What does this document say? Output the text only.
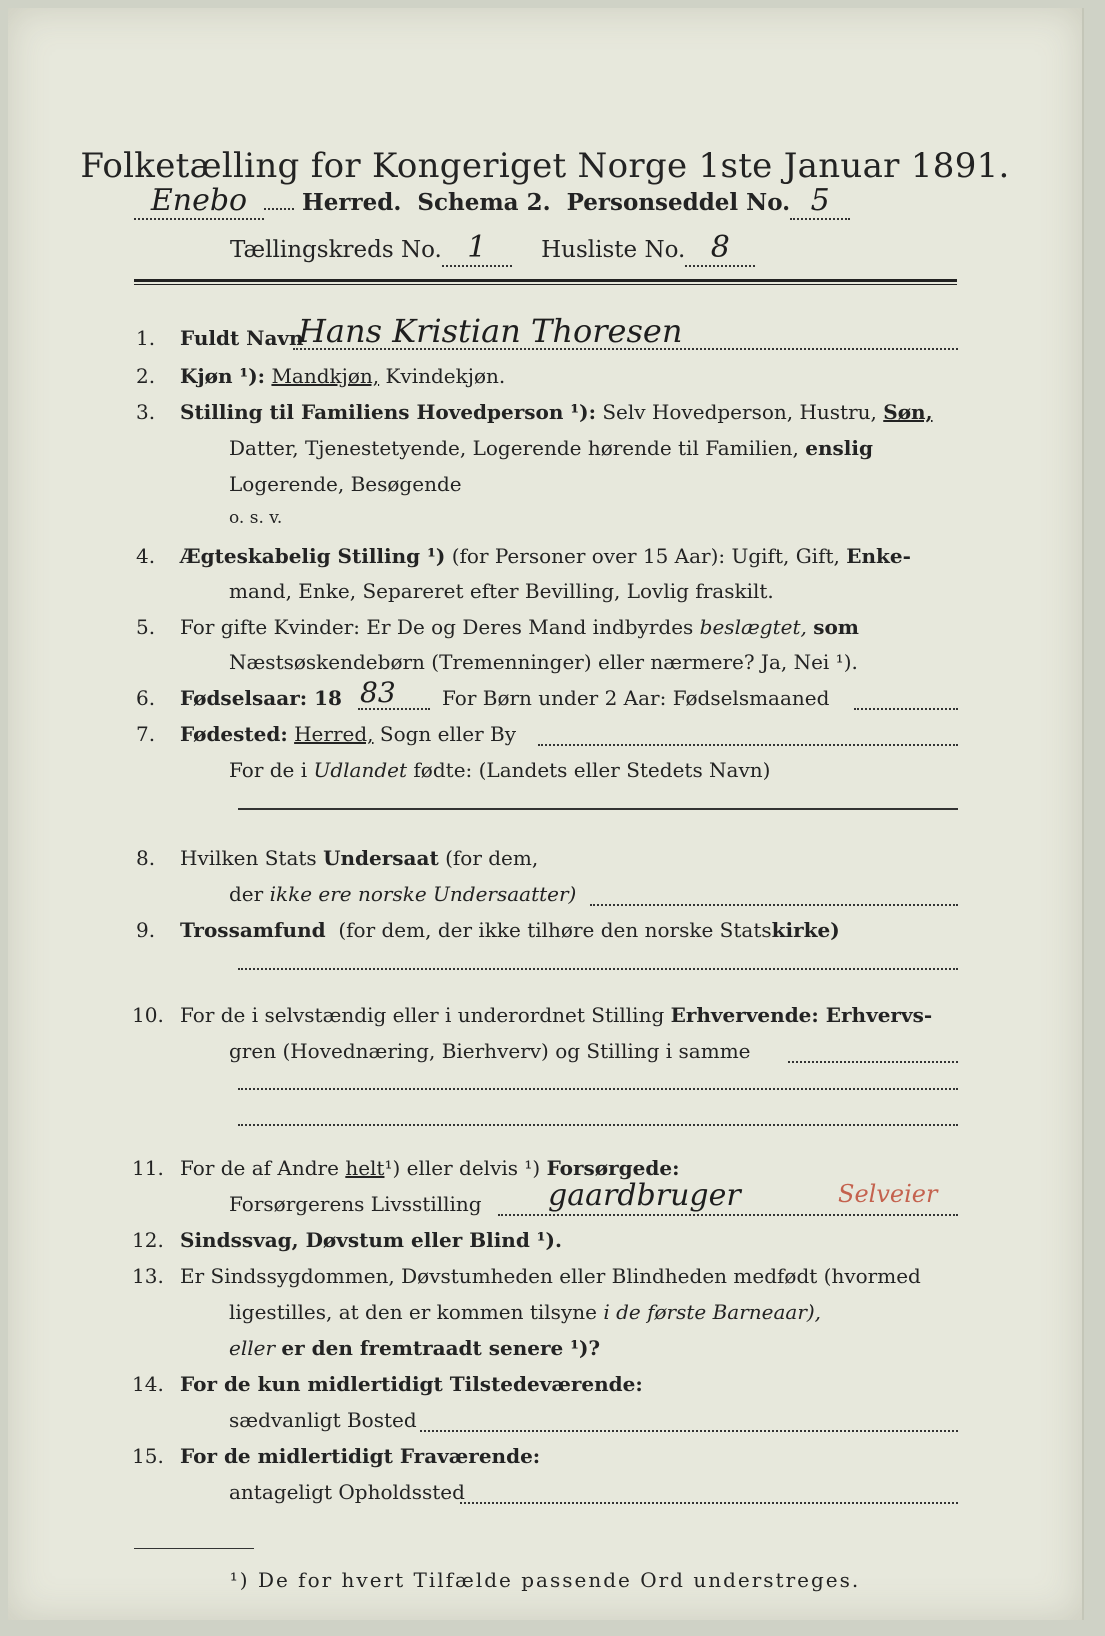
Folketælling for Kongeriget Norge 1ste Januar 1891.
Enebo Herred. Schema 2. Personseddel No. 5
Tællingskreds No. 1 Husliste No. 8
1. Fuldt Navn
Hans Kristian Thoresen
2. Kjøn ¹): Mandkjøn, Kvindekjøn.
3. Stilling til Familiens Hovedperson ¹): Selv Hovedperson, Hustru, Søn,
Datter, Tjenestetyende, Logerende hørende til Familien, enslig
Logerende, Besøgende
o. s. v.
4. Ægteskabelig Stilling ¹) (for Personer over 15 Aar): Ugift, Gift, Enke-
mand, Enke, Separeret efter Bevilling, Lovlig fraskilt.
5. For gifte Kvinder: Er De og Deres Mand indbyrdes beslægtet, som
Næstsøskendebørn (Tremenninger) eller nærmere? Ja, Nei ¹).
6. Fødselsaar: 18 83 For Børn under 2 Aar: Fødselsmaaned
7. Fødested: Herred, Sogn eller By
For de i Udlandet fødte: (Landets eller Stedets Navn)
8. Hvilken Stats Undersaat (for dem,
der ikke ere norske Undersaatter)
9. Trossamfund (for dem, der ikke tilhøre den norske Statskirke)
10. For de i selvstændig eller i underordnet Stilling Erhvervende: Erhvervs-
gren (Hovednæring, Bierhverv) og Stilling i samme
11. For de af Andre helt¹) eller delvis ¹) Forsørgede:
Forsørgerens Livsstilling gaardbruger	Selveier
12. Sindssvag, Døvstum eller Blind ¹).
13. Er Sindssygdommen, Døvstumheden eller Blindheden medfødt (hvormed
ligestilles, at den er kommen tilsyne i de første Barneaar),
eller er den fremtraadt senere ¹)?
14. For de kun midlertidigt Tilstedeværende:
sædvanligt Bosted
15. For de midlertidigt Fraværende:
antageligt Opholdssted
¹) De for hvert Tilfælde passende Ord understreges.
